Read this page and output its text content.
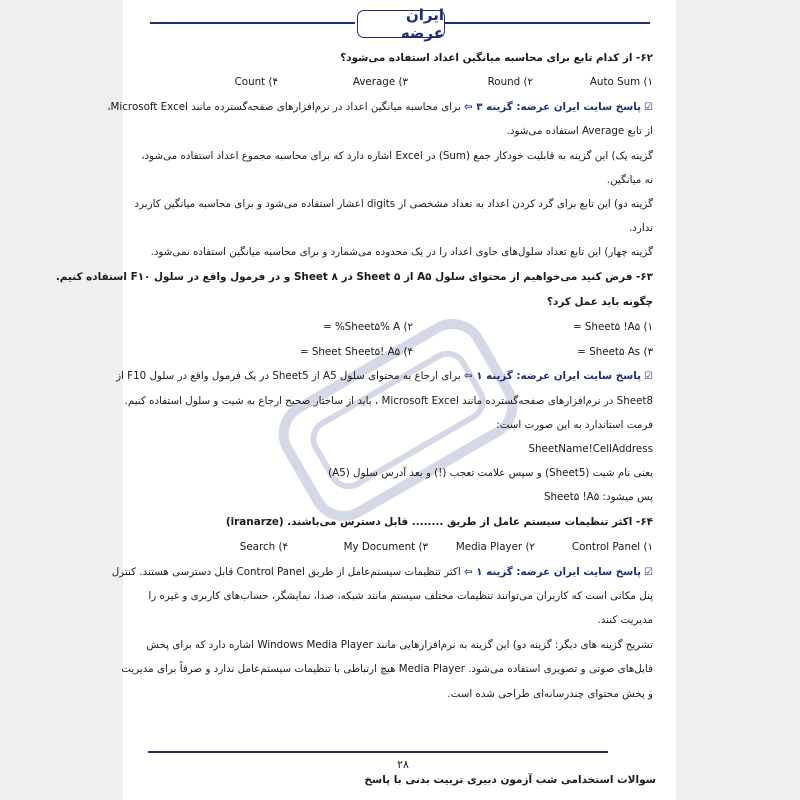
ایران عرضه
۶۲- از کدام تابع برای محاسبه میانگین اعداد استفاده می‌شود؟
۱) Auto Sum
۲) Round
۳) Average
۴) Count
☑پاسخ سایت ایران عرضه: گزینه ۳ ⇦ برای محاسبه میانگین اعداد در نرم‌افزارهای صفحه‌گسترده مانند Microsoft Excel،
از تابع Average استفاده می‌شود.
گزینه یک) این گزینه به قابلیت خودکار جمع (Sum) در Excel اشاره دارد که برای محاسبه مجموع اعداد استفاده می‌شود،
نه میانگین.
گزینه دو) این تابع برای گرد کردن اعداد به تعداد مشخصی از digits اعشار استفاده می‌شود و برای محاسبه میانگین کاربرد
ندارد.
گزینه چهار) این تابع تعداد سلول‌های حاوی اعداد را در یک محدوده می‌شمارد و برای محاسبه میانگین استفاده نمی‌شود.
۶۳- فرض کنید می‌خواهیم از محتوای سلول A۵ از Sheet ۵ در Sheet ۸ و در فرمول واقع در سلول F۱۰ استفاده کنیم.
چگونه باید عمل کرد؟
۱) Sheet۵ !A۵ =
۲) Sheet۵% A% =
۳) Sheet۵ As =
۴) Sheet Sheet۵! A۵ =
☑پاسخ سایت ایران عرضه: گزینه ۱ ⇦ برای ارجاع به محتوای سلول A5 از Sheet5 در یک فرمول واقع در سلول F10 از
Sheet8 در نرم‌افزارهای صفحه‌گسترده مانند Microsoft Excel ، باید از ساختار صحیح ارجاع به شیت و سلول استفاده کنیم.
فرمت استاندارد به این صورت است:
SheetName!CellAddress
یعنی نام شیت (Sheet5) و سپس علامت تعجب (!) و بعد آدرس سلول (A5)
پس میشود: Sheet۵ !A۵
۶۴- اکثر تنظیمات سیستم عامل از طریق ........ قابل دسترس می‌باشند. (iranarze)
۱) Control Panel
۲) Media Player
۳) My Document
۴) Search
☑پاسخ سایت ایران عرضه: گزینه ۱ ⇦ اکثر تنظیمات سیستم‌عامل از طریق Control Panel قابل دسترسی هستند. کنترل
پنل مکانی است که کاربران می‌توانند تنظیمات مختلف سیستم مانند شبکه، صدا، نمایشگر، حساب‌های کاربری و غیره را
مدیریت کنند.
تشریح گزینه های دیگر: گزینه دو) این گزینه به نرم‌افزارهایی مانند Windows Media Player اشاره دارد که برای پخش
فایل‌های صوتی و تصویری استفاده می‌شود. Media Player هیچ ارتباطی با تنظیمات سیستم‌عامل ندارد و صرفاً برای مدیریت
و پخش محتوای چندرسانه‌ای طراحی شده است.
۲۸
سوالات استخدامی شب آزمون دبیری تربیت بدنی با پاسخ
